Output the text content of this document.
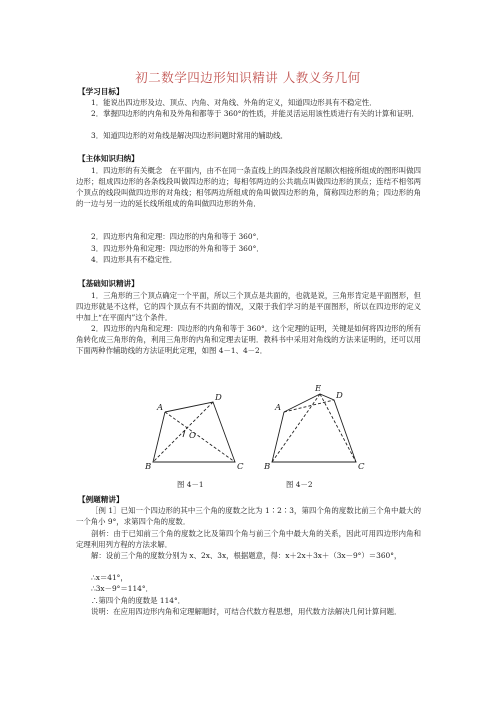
初二数学四边形知识精讲 人教义务几何
【学习目标】
1．能说出四边形及边、顶点、内角、对角线、外角的定义，知道四边形具有不稳定性．
2．掌握四边形的内角和及外角和都等于 360°的性质，并能灵活运用该性质进行有关的计算和证明．
3．知道四边形的对角线是解决四边形问题时常用的辅助线．
【主体知识归纳】
1．四边形的有关概念　在平面内，由不在同一条直线上的四条线段首尾顺次相接所组成的图形叫做四边形；组成四边形的各条线段叫做四边形的边；每相邻两边的公共端点叫做四边形的顶点；连结不相邻两个顶点的线段叫做四边形的对角线；相邻两边所组成的角叫做四边形的角，简称四边形的角；四边形的角的一边与另一边的延长线所组成的角叫做四边形的外角．
2．四边形内角和定理：四边形的内角和等于 360°．
3．四边形外角和定理：四边形的外角和等于 360°．
4．四边形具有不稳定性．
【基础知识精讲】
1．三角形的三个顶点确定一个平面，所以三个顶点是共面的，也就是说，三角形肯定是平面图形，但四边形就是不这样，它的四个顶点有不共面的情况，又限于我们学习的是平面图形，所以在四边形的定义中加上“在平面内”这个条件．
2．四边形的内角和定理：四边形的内角和等于 360°．这个定理的证明，关键是如何将四边形的所有角转化成三角形的角，利用三角形的内角和定理去证明．教科书中采用对角线的方法来证明的，还可以用下面两种作辅助线的方法证明此定理，如图 4－1、4－2．
A
D
B	C
O
A
E
D
B	C
图 4－1	图 4－2
【例题精讲】
［例 1］已知一个四边形的其中三个角的度数之比为 1∶2∶3，第四个角的度数比前三个角中最大的一个角小 9°，求第四个角的度数．
剖析：由于已知前三个角的度数之比及第四个角与前三个角中最大角的关系，因此可用四边形内角和定理利用列方程的方法求解．
解：设前三个角的度数分别为 x、2x、3x，根据题意，得：x＋2x＋3x＋（3x－9°）＝360°，
∴x＝41°，
∴3x－9°＝114°．
∴第四个角的度数是 114°．
说明：在应用四边形内角和定理解题时，可结合代数方程思想，用代数方法解决几何计算问题．
